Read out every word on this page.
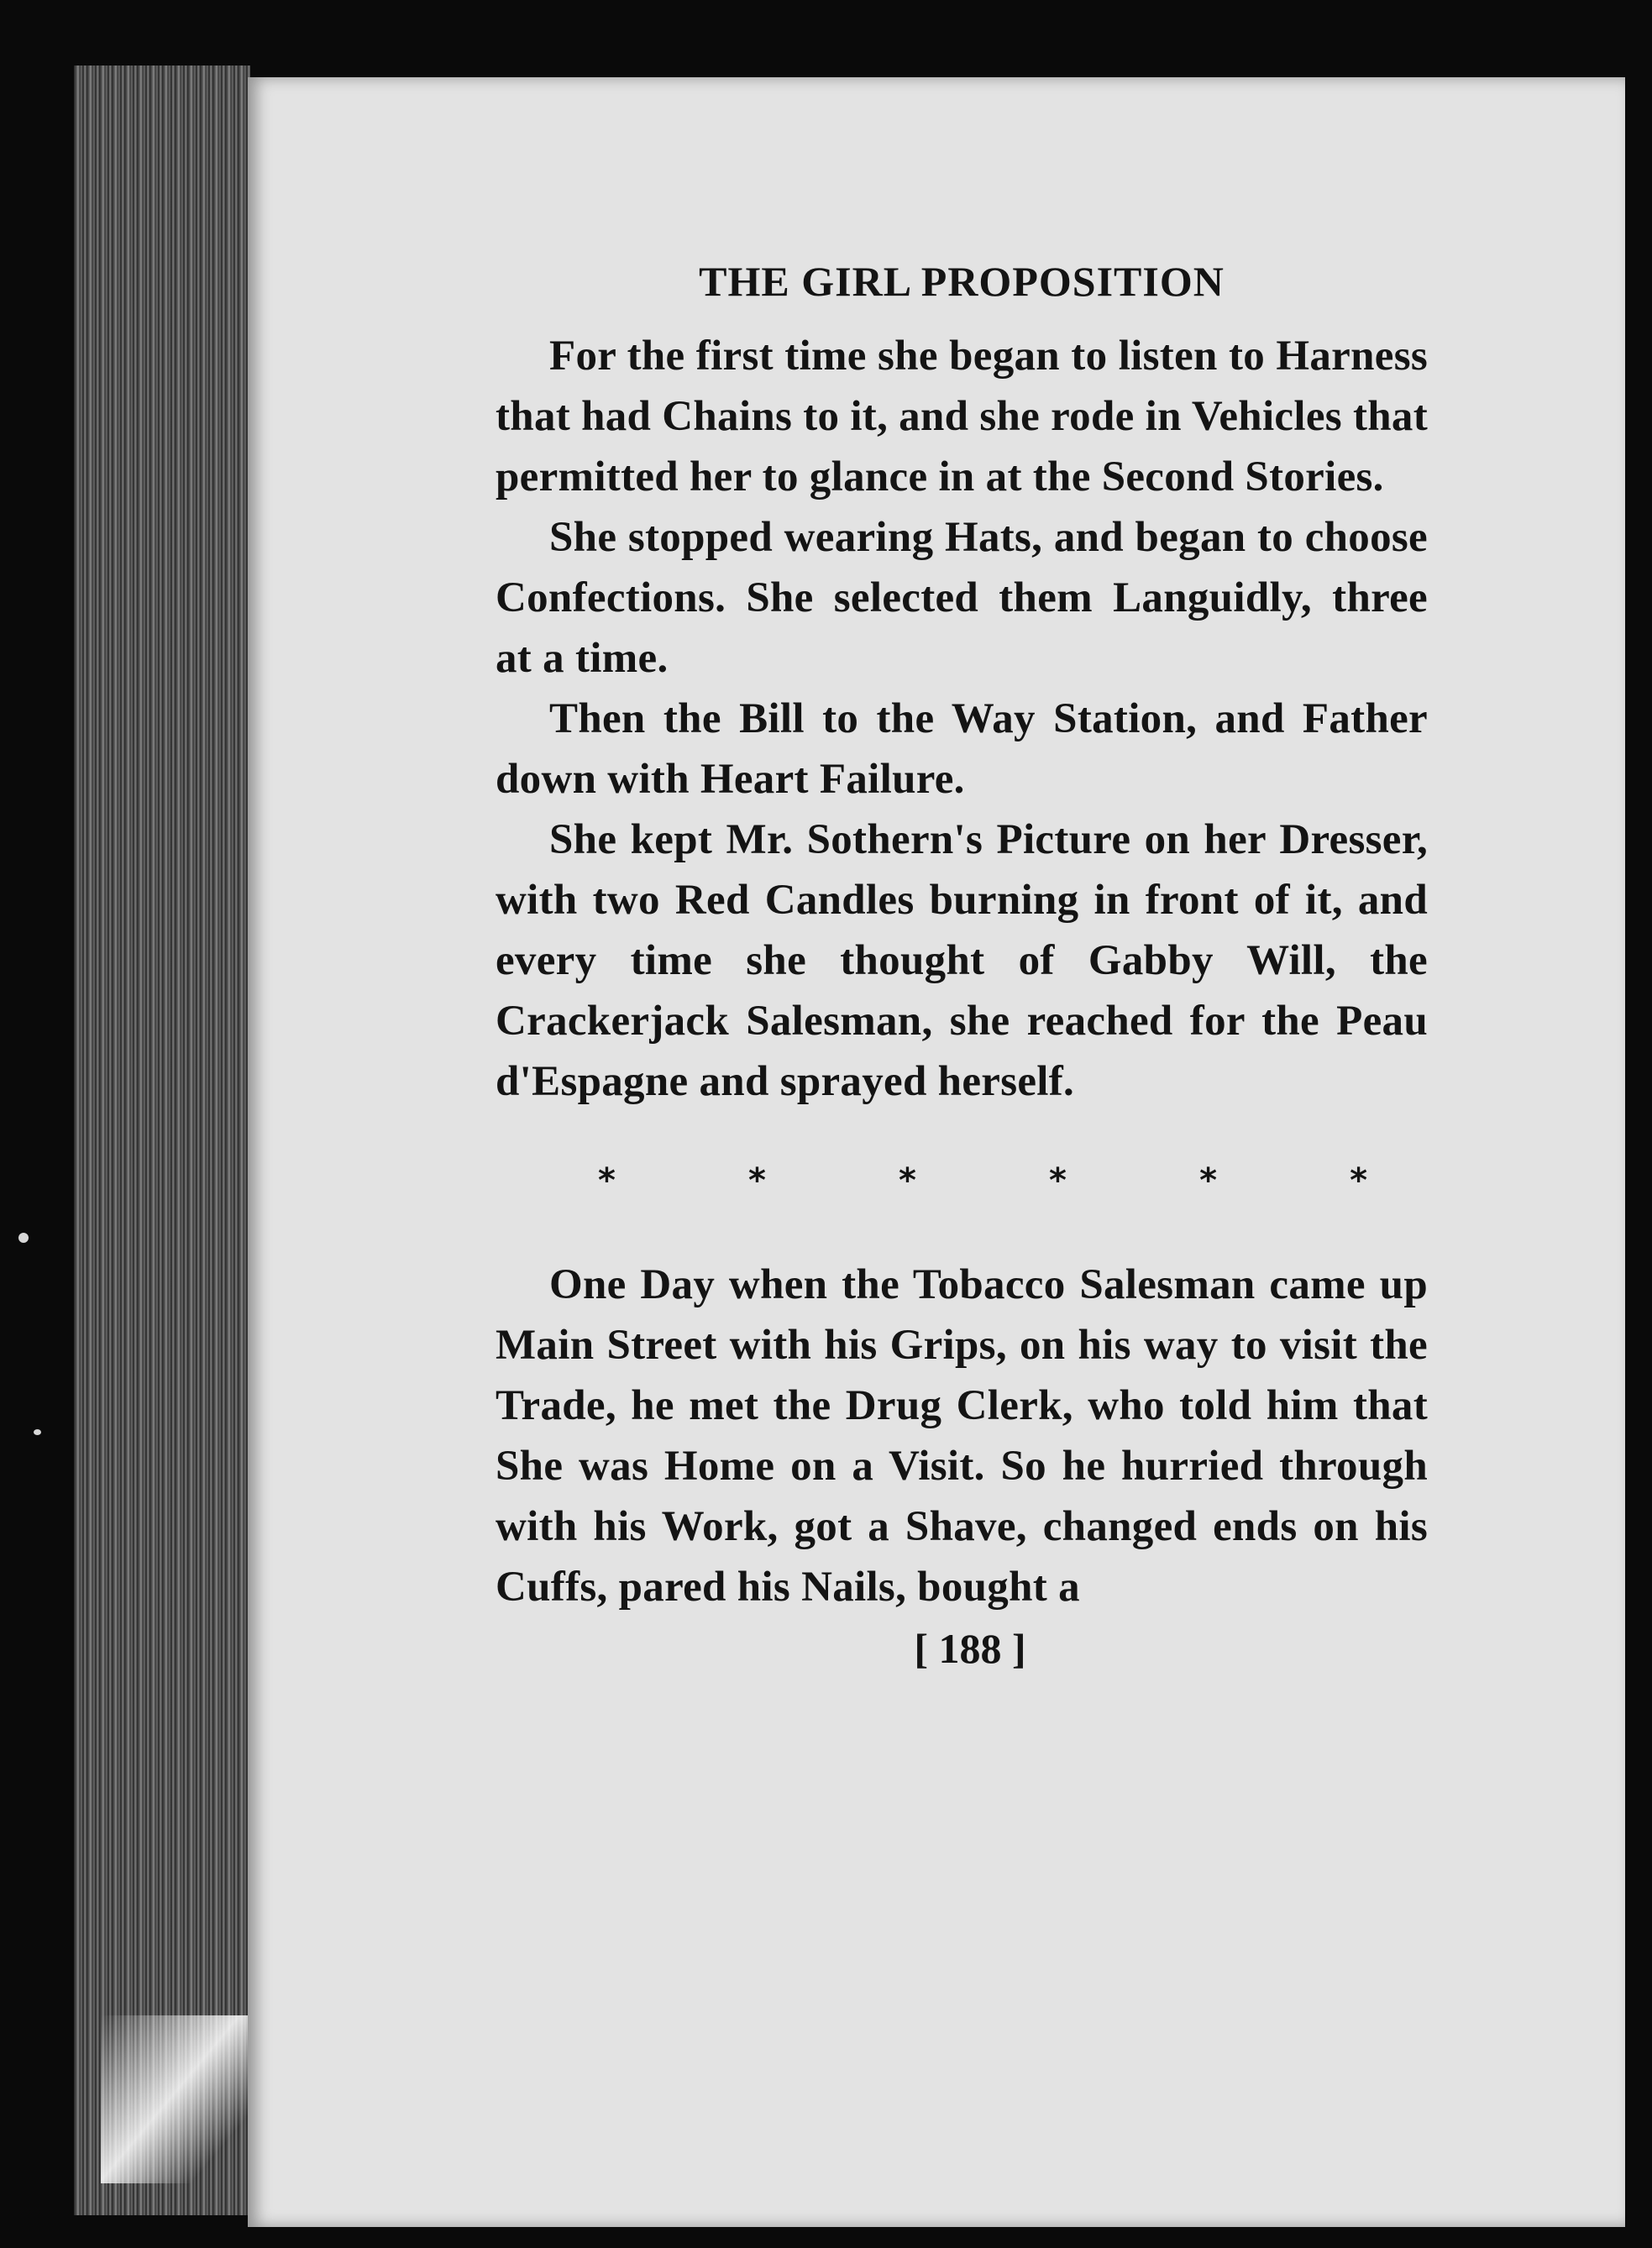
THE GIRL PROPOSITION

For the first time she began to listen to Harness that had Chains to it, and she rode in Vehicles that permitted her to glance in at the Second Stories.

She stopped wearing Hats, and began to choose Confections. She selected them Languidly, three at a time.

Then the Bill to the Way Station, and Father down with Heart Failure.

She kept Mr. Sothern's Picture on her Dresser, with two Red Candles burning in front of it, and every time she thought of Gabby Will, the Crackerjack Salesman, she reached for the Peau d'Espagne and sprayed herself.

*	*	*	*	*	*

One Day when the Tobacco Salesman came up Main Street with his Grips, on his way to visit the Trade, he met the Drug Clerk, who told him that She was Home on a Visit. So he hurried through with his Work, got a Shave, changed ends on his Cuffs, pared his Nails, bought a

[ 188 ]
